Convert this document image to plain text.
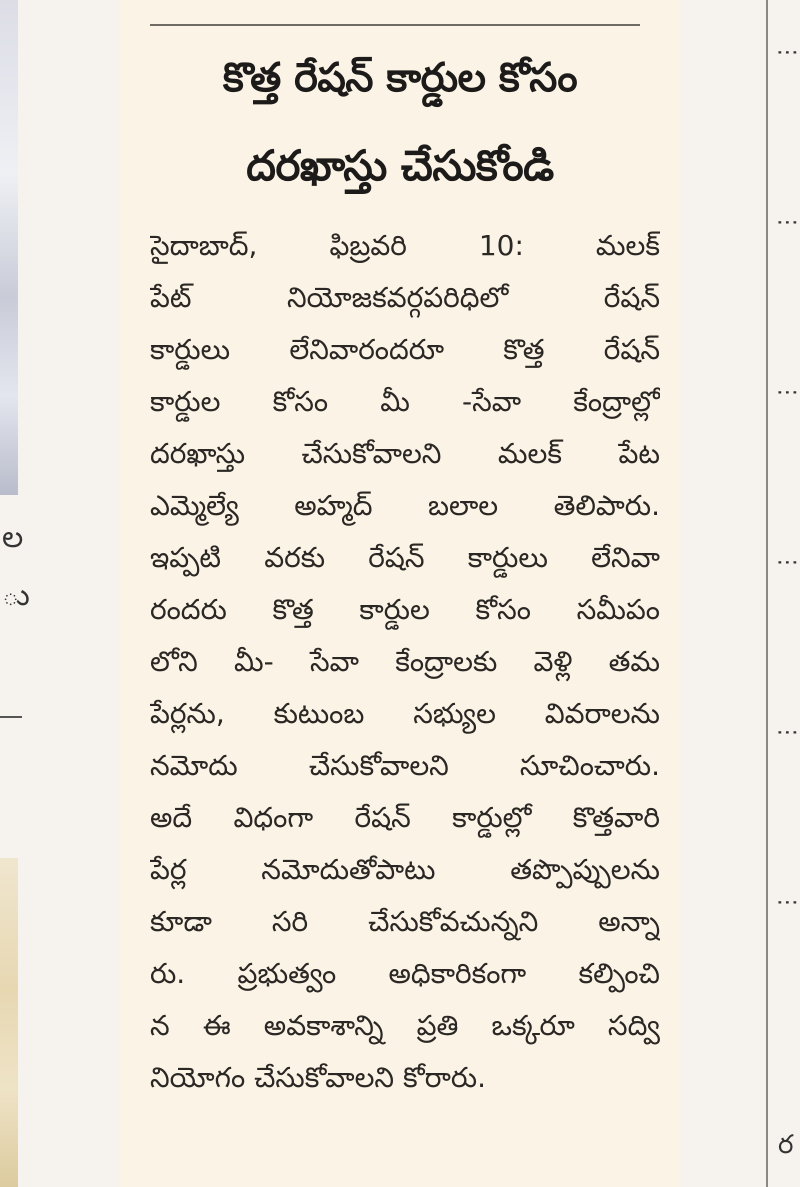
ల
ు
కొత్త రేషన్ కార్డుల కోసం
దరఖాస్తు చేసుకోండి
సైదాబాద్, ఫిబ్రవరి 10: మలక్
పేట్ నియోజకవర్గపరిధిలో రేషన్
కార్డులు లేనివారందరూ కొత్త రేషన్
కార్డుల కోసం మీ -సేవా కేంద్రాల్లో
దరఖాస్తు చేసుకోవాలని మలక్ పేట
ఎమ్మెల్యే అహ్మద్ బలాల తెలిపారు.
ఇప్పటి వరకు రేషన్ కార్డులు లేనివా
రందరు కొత్త కార్డుల కోసం సమీపం
లోని మీ- సేవా కేంద్రాలకు వెళ్లి తమ
పేర్లను, కుటుంబ సభ్యుల వివరాలను
నమోదు చేసుకోవాలని సూచించారు.
అదే విధంగా రేషన్ కార్డుల్లో కొత్తవారి
పేర్ల నమోదుతోపాటు తప్పొప్పులను
కూడా సరి చేసుకోవచున్నని అన్నా
రు. ప్రభుత్వం అధికారికంగా కల్పించి
న ఈ అవకాశాన్ని ప్రతి ఒక్కరూ సద్వి
నియోగం చేసుకోవాలని కోరారు.
⋮
⋮
⋮
⋮
⋮
⋮
ర
